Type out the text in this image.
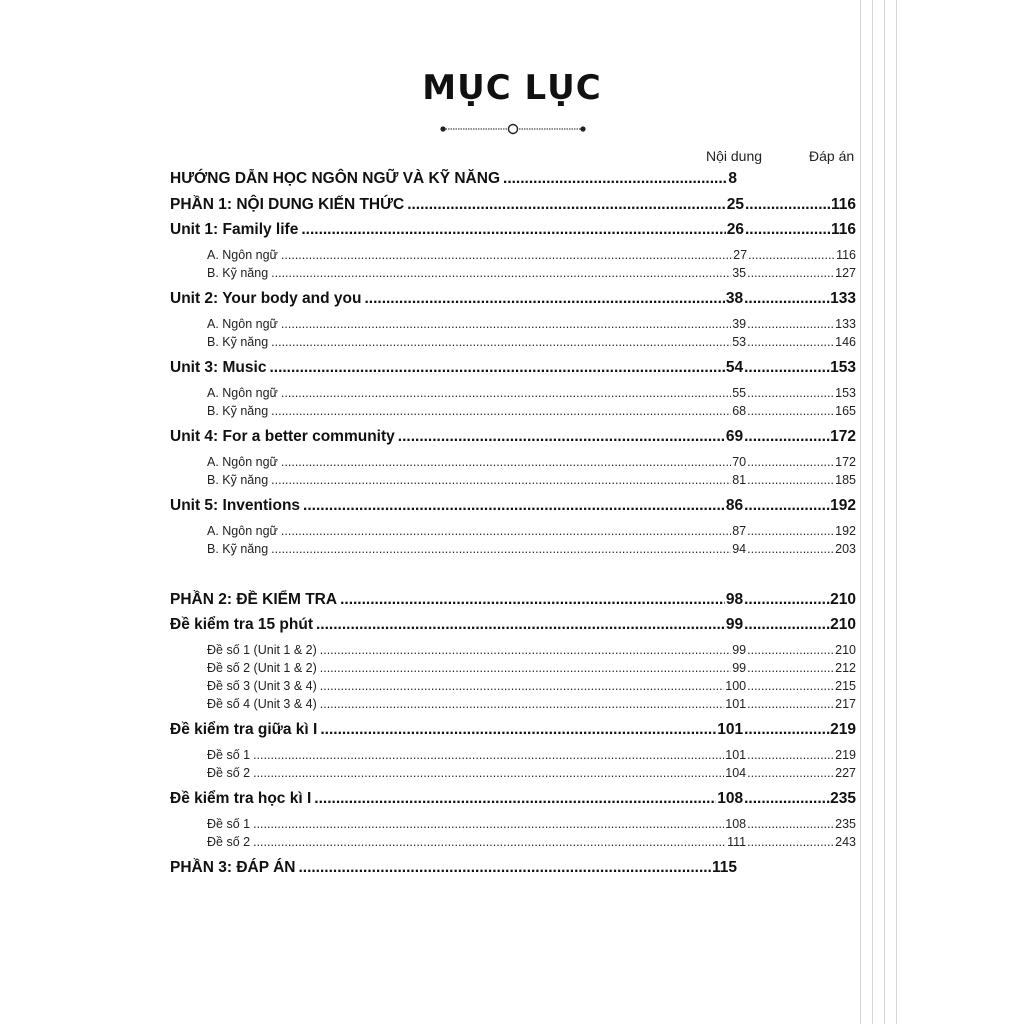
MỤC LỤC
Nội dung	Đáp án
HƯỚNG DẪN HỌC NGÔN NGỮ VÀ KỸ NĂNG .....	8
PHẦN 1: NỘI DUNG KIẾN THỨC .....	25 .....	116
Unit 1: Family life .....	26 .....	116
A. Ngôn ngữ .....	27 .....	116
B. Kỹ năng .....	35 .....	127
Unit 2: Your body and you .....	38 .....	133
A. Ngôn ngữ .....	39 .....	133
B. Kỹ năng .....	53 .....	146
Unit 3: Music .....	54 .....	153
A. Ngôn ngữ .....	55 .....	153
B. Kỹ năng .....	68 .....	165
Unit 4: For a better community .....	69 .....	172
A. Ngôn ngữ .....	70 .....	172
B. Kỹ năng .....	81 .....	185
Unit 5: Inventions .....	86 .....	192
A. Ngôn ngữ .....	87 .....	192
B. Kỹ năng .....	94 .....	203
PHẦN 2: ĐỀ KIỂM TRA .....	98 .....	210
Đề kiểm tra 15 phút .....	99 .....	210
Đề số 1 (Unit 1 & 2) .....	99 .....	210
Đề số 2 (Unit 1 & 2) .....	99 .....	212
Đề số 3 (Unit 3 & 4) .....	100 .....	215
Đề số 4 (Unit 3 & 4) .....	101 .....	217
Đề kiểm tra giữa kì I .....	101 .....	219
Đề số 1 .....	101 .....	219
Đề số 2 .....	104 .....	227
Đề kiểm tra học kì I .....	108 .....	235
Đề số 1 .....	108 .....	235
Đề số 2 .....	111 .....	243
PHẦN 3: ĐÁP ÁN .....	115
